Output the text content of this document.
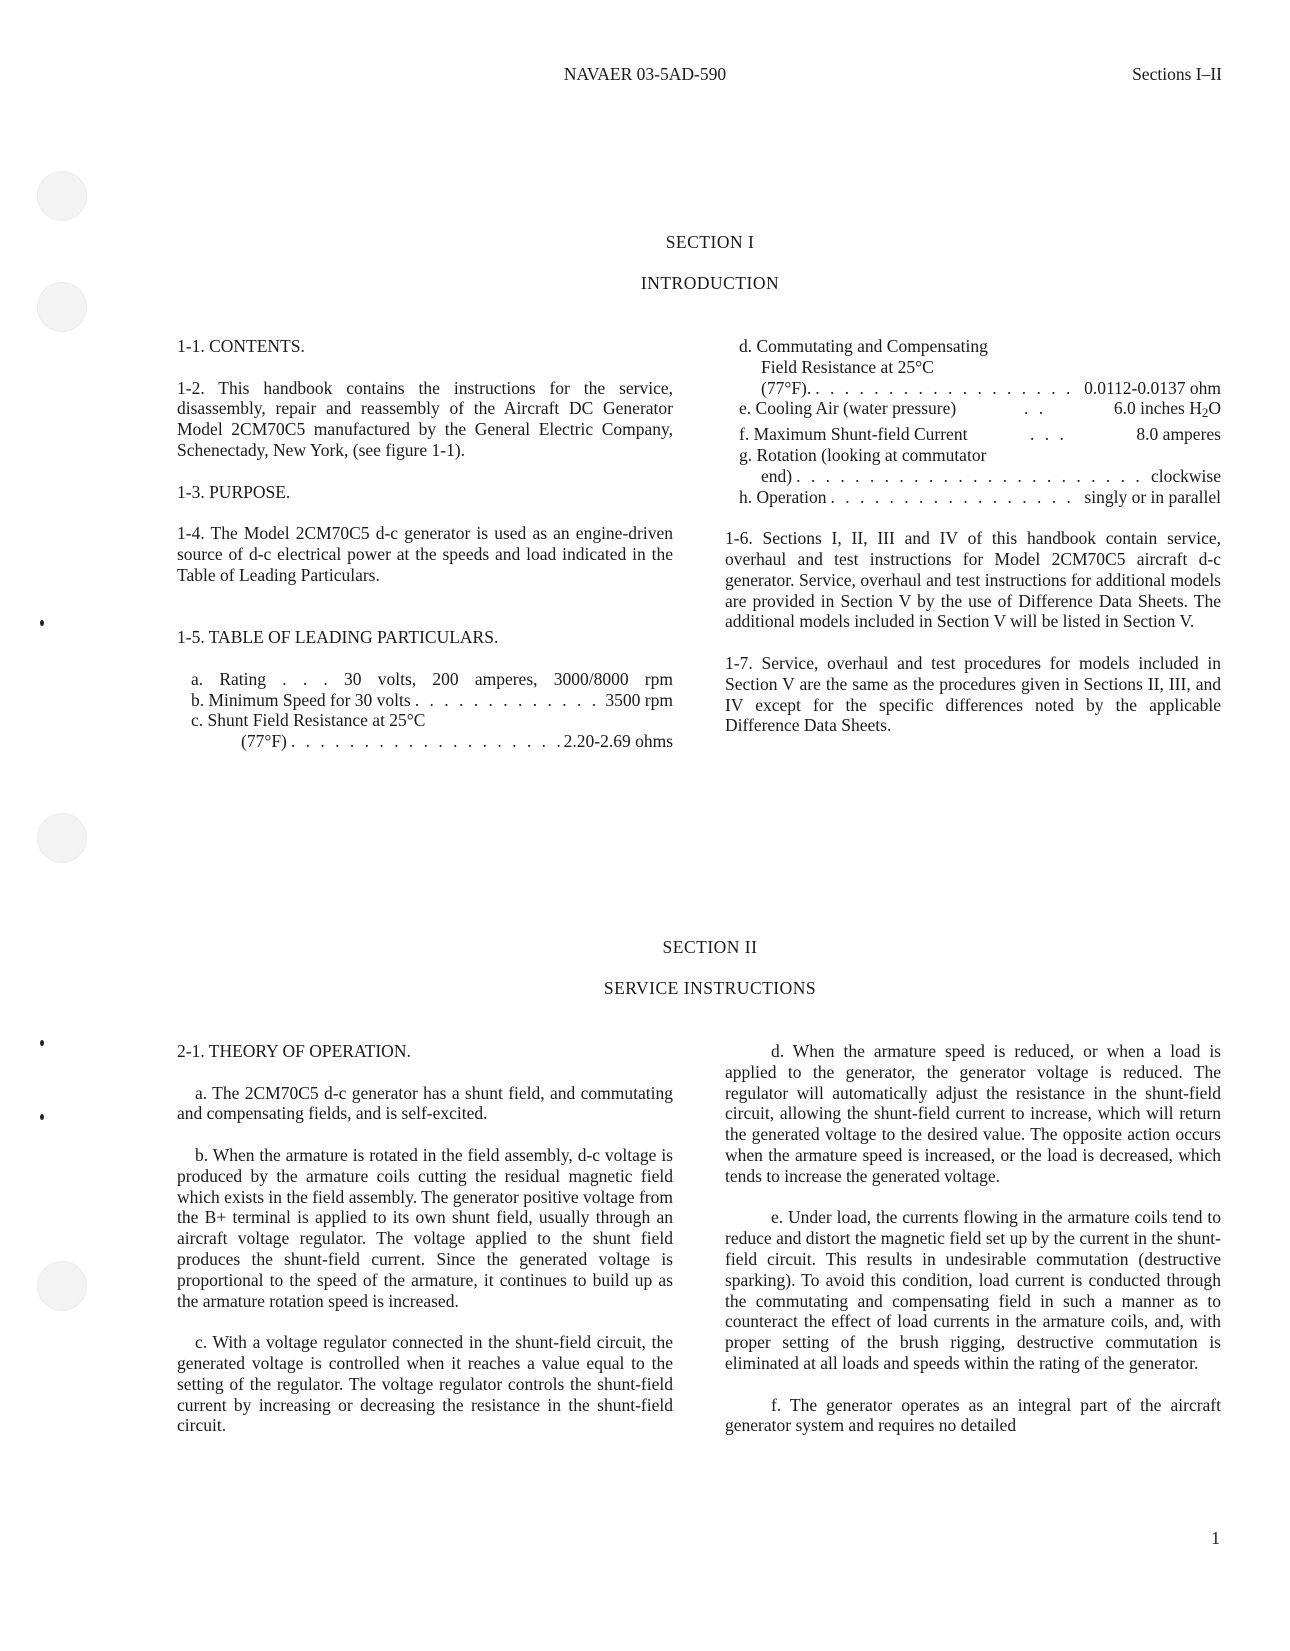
NAVAER 03-5AD-590	Sections I–II
SECTION I
INTRODUCTION

1-1. CONTENTS.

1-2. This handbook contains the instructions for the service, disassembly, repair and reassembly of the Aircraft DC Generator Model 2CM70C5 manufactured by the General Electric Company, Schenectady, New York, (see figure 1-1).

1-3. PURPOSE.

1-4. The Model 2CM70C5 d-c generator is used as an engine-driven source of d-c electrical power at the speeds and load indicated in the Table of Leading Particulars.

1-5. TABLE OF LEADING PARTICULARS.

a. Rating . . . 30 volts, 200 amperes, 3000/8000 rpm

b. Minimum Speed for 30 volts . . .	3500 rpm

c. Shunt Field Resistance at 25°C

(77°F) . . .	2.20-2.69 ohms

d. Commutating and Compensating

Field Resistance at 25°C

(77°F). . . .	0.0112-0.0137 ohm
e. Cooling Air (water pressure) . . .	6.0 inches $H_2O$
f. Maximum Shunt-field Current . . .	8.0 amperes

g. Rotation (looking at commutator

end) . . .	clockwise
h. Operation . . .	singly or in parallel

1-6. Sections I, II, III and IV of this handbook contain service, overhaul and test instructions for Model 2CM70C5 aircraft d-c generator. Service, overhaul and test instructions for additional models are provided in Section V by the use of Difference Data Sheets. The additional models included in Section V will be listed in Section V.

1-7. Service, overhaul and test procedures for models included in Section V are the same as the procedures given in Sections II, III, and IV except for the specific differences noted by the applicable Difference Data Sheets.

SECTION II
SERVICE INSTRUCTIONS

2-1. THEORY OF OPERATION.

a. The 2CM70C5 d-c generator has a shunt field, and commutating and compensating fields, and is self-excited.

b. When the armature is rotated in the field assembly, d-c voltage is produced by the armature coils cutting the residual magnetic field which exists in the field assembly. The generator positive voltage from the B+ terminal is applied to its own shunt field, usually through an aircraft voltage regulator. The voltage applied to the shunt field produces the shunt-field current. Since the generated voltage is proportional to the speed of the armature, it continues to build up as the armature rotation speed is increased.

c. With a voltage regulator connected in the shunt-field circuit, the generated voltage is controlled when it reaches a value equal to the setting of the regulator. The voltage regulator controls the shunt-field current by increasing or decreasing the resistance in the shunt-field circuit.

d. When the armature speed is reduced, or when a load is applied to the generator, the generator voltage is reduced. The regulator will automatically adjust the resistance in the shunt-field circuit, allowing the shunt-field current to increase, which will return the generated voltage to the desired value. The opposite action occurs when the armature speed is increased, or the load is decreased, which tends to increase the generated voltage.

e. Under load, the currents flowing in the armature coils tend to reduce and distort the magnetic field set up by the current in the shunt-field circuit. This results in undesirable commutation (destructive sparking). To avoid this condition, load current is conducted through the commutating and compensating field in such a manner as to counteract the effect of load currents in the armature coils, and, with proper setting of the brush rigging, destructive commutation is eliminated at all loads and speeds within the rating of the generator.

f. The generator operates as an integral part of the aircraft generator system and requires no detailed

1
